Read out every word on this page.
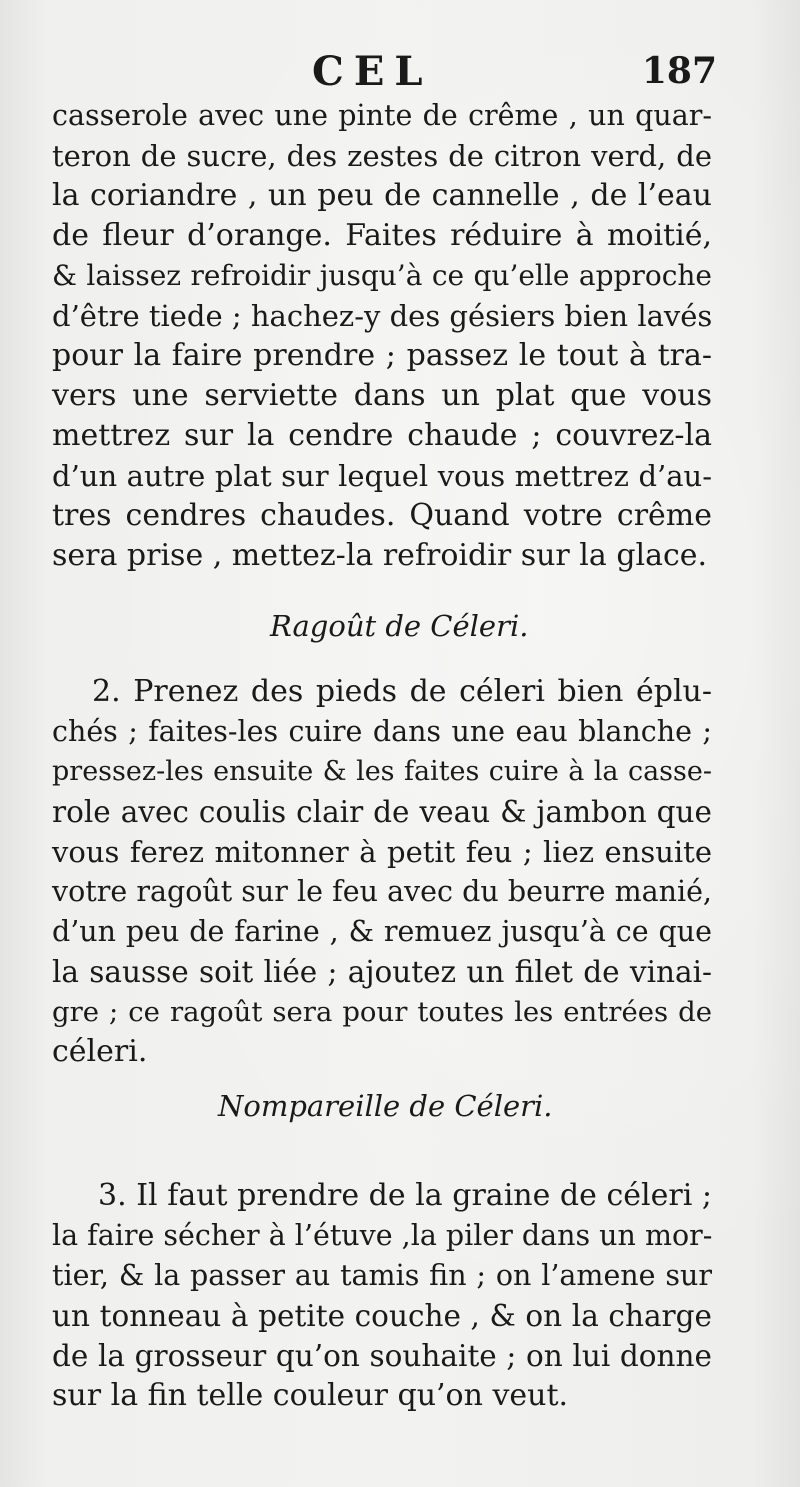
CEL	187
casserole avec une pinte de crême , un quar-
teron de sucre, des zestes de citron verd, de
la coriandre , un peu de cannelle , de l’eau
de fleur d’orange. Faites réduire à moitié,
& laissez refroidir jusqu’à ce qu’elle approche
d’être tiede ; hachez-y des gésiers bien lavés
pour la faire prendre ; passez le tout à tra-
vers une serviette dans un plat que vous
mettrez sur la cendre chaude ; couvrez-la
d’un autre plat sur lequel vous mettrez d’au-
tres cendres chaudes. Quand votre crême
sera prise , mettez-la refroidir sur la glace.
Ragoût de Céleri.
2. Prenez des pieds de céleri bien éplu-
chés ; faites-les cuire dans une eau blanche ;
pressez-les ensuite & les faites cuire à la casse-
role avec coulis clair de veau & jambon que
vous ferez mitonner à petit feu ; liez ensuite
votre ragoût sur le feu avec du beurre manié,
d’un peu de farine , & remuez jusqu’à ce que
la sausse soit liée ; ajoutez un filet de vinai-
gre ; ce ragoût sera pour toutes les entrées de
céleri.
Nompareille de Céleri.
3. Il faut prendre de la graine de céleri ;
la faire sécher à l’étuve ,la piler dans un mor-
tier, & la passer au tamis fin ; on l’amene sur
un tonneau à petite couche , & on la charge
de la grosseur qu’on souhaite ; on lui donne
sur la fin telle couleur qu’on veut.
